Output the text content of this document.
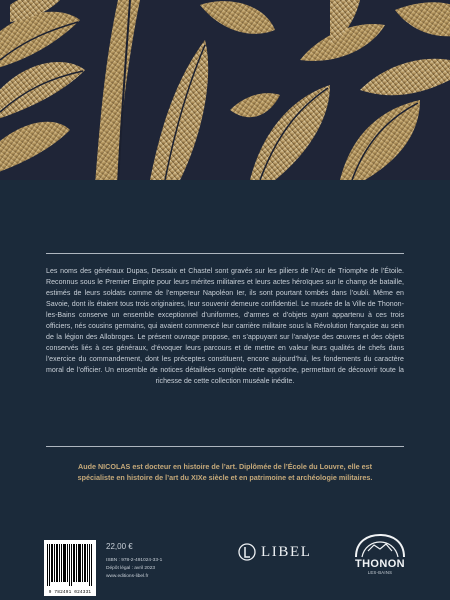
Les noms des généraux Dupas, Dessaix et Chastel sont gravés sur les piliers de l’Arc de Triomphe de l’Étoile. Reconnus sous le Premier Empire pour leurs mérites militaires et leurs actes héroïques sur le champ de bataille, estimés de leurs soldats comme de l’empereur Napoléon Ier, ils sont pourtant tombés dans l’oubli. Même en Savoie, dont ils étaient tous trois originaires, leur souvenir demeure confidentiel. Le musée de la Ville de Thonon-les-Bains conserve un ensemble exceptionnel d’uniformes, d’armes et d’objets ayant appartenu à ces trois officiers, nés cousins germains, qui avaient commencé leur carrière militaire sous la Révolution française au sein de la légion des Allobroges. Le présent ouvrage propose, en s’appuyant sur l’analyse des œuvres et des objets conservés liés à ces généraux, d’évoquer leurs parcours et de mettre en valeur leurs qualités de chefs dans l’exercice du commandement, dont les préceptes constituent, encore aujourd’hui, les fondements du caractère moral de l’officier. Un ensemble de notices détaillées complète cette approche, permettant de découvrir toute la richesse de cette collection muséale inédite.

Aude NICOLAS est docteur en histoire de l’art. Diplômée de l’École du Louvre, elle est spécialiste en histoire de l’art du XIXe siècle et en patrimoine et archéologie militaires.

9 782491 024331
22,00 €
ISBN : 978-2-491024-33-1
Dépôt légal : avril 2023
www.editions-libel.fr
LIBEL
THONON
LES-BAINS
